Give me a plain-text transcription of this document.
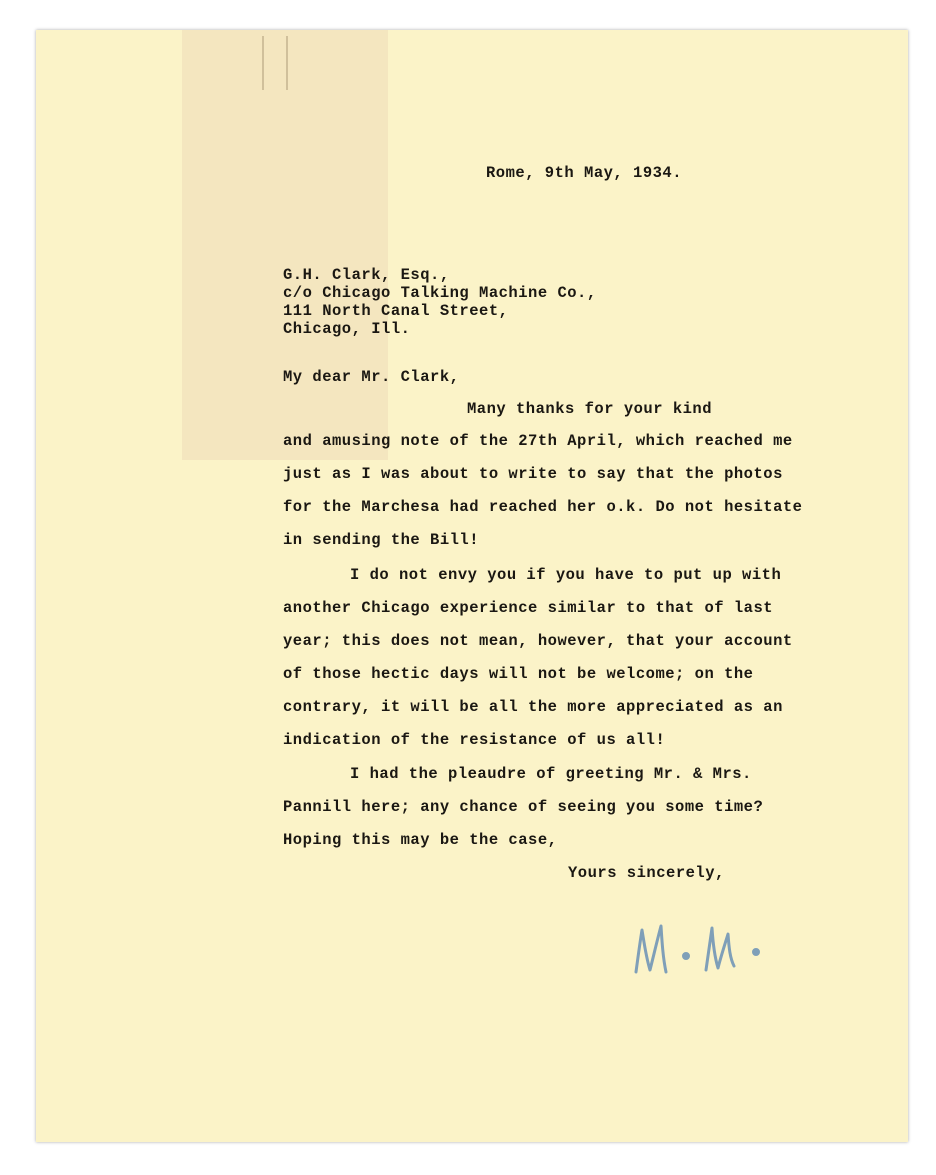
Rome, 9th May, 1934.
G.H. Clark, Esq.,
c/o Chicago Talking Machine Co.,
111 North Canal Street,
Chicago, Ill.
My dear Mr. Clark,
Many thanks for your kind
and amusing note of the 27th April, which reached me
just as I was about to write to say that the photos
for the Marchesa had reached her o.k. Do not hesitate
in sending the Bill!
I do not envy you if you have to put up with
another Chicago experience similar to that of last
year; this does not mean, however, that your account
of those hectic days will not be welcome; on the
contrary, it will be all the more appreciated as an
indication of the resistance of us all!
I had the pleaudre of greeting Mr. & Mrs.
Pannill here; any chance of seeing you some time?
Hoping this may be the case,
Yours sincerely,
